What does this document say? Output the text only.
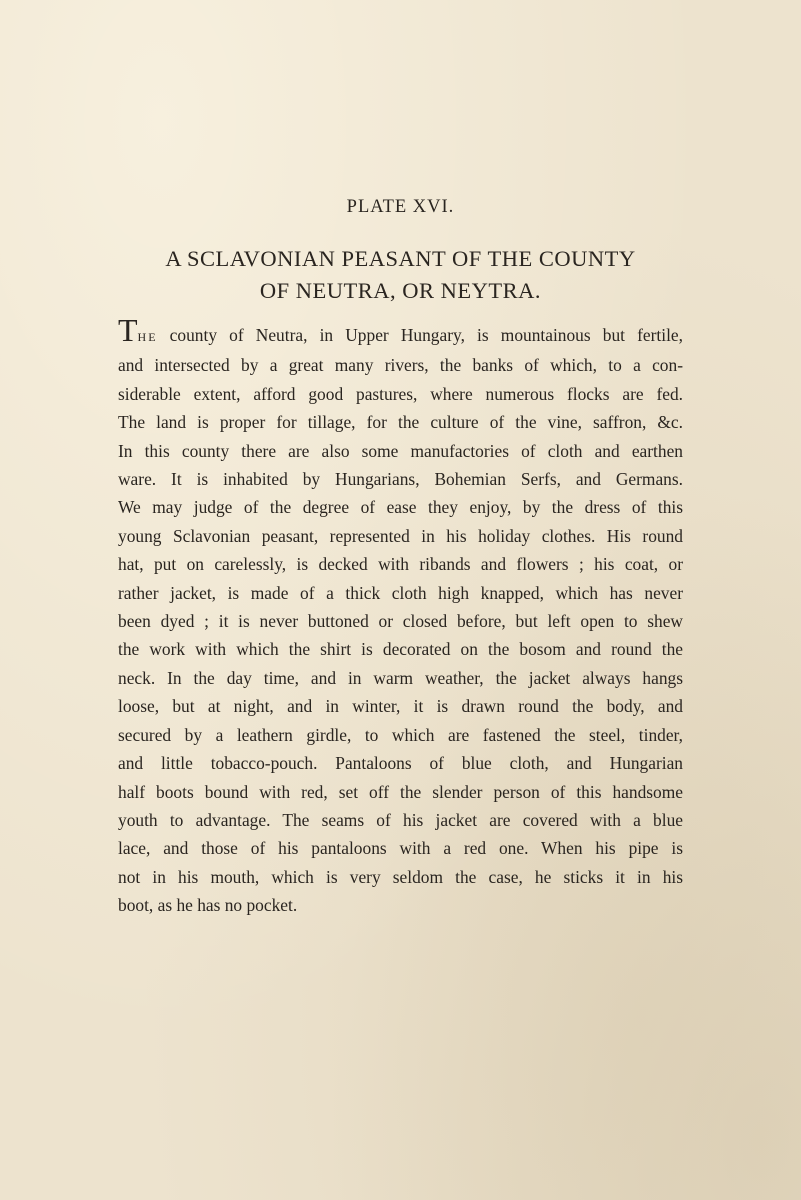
PLATE XVI.
A SCLAVONIAN PEASANT OF THE COUNTY
OF NEUTRA, OR NEYTRA.

THE county of Neutra, in Upper Hungary, is mountainous but fertile,
and intersected by a great many rivers, the banks of which, to a con-
siderable extent, afford good pastures, where numerous flocks are fed.
The land is proper for tillage, for the culture of the vine, saffron, &c.
In this county there are also some manufactories of cloth and earthen
ware. It is inhabited by Hungarians, Bohemian Serfs, and Germans.
We may judge of the degree of ease they enjoy, by the dress of this
young Sclavonian peasant, represented in his holiday clothes. His round
hat, put on carelessly, is decked with ribands and flowers ; his coat, or
rather jacket, is made of a thick cloth high knapped, which has never
been dyed ; it is never buttoned or closed before, but left open to shew
the work with which the shirt is decorated on the bosom and round the
neck. In the day time, and in warm weather, the jacket always hangs
loose, but at night, and in winter, it is drawn round the body, and
secured by a leathern girdle, to which are fastened the steel, tinder,
and little tobacco-pouch. Pantaloons of blue cloth, and Hungarian
half boots bound with red, set off the slender person of this handsome
youth to advantage. The seams of his jacket are covered with a blue
lace, and those of his pantaloons with a red one. When his pipe is
not in his mouth, which is very seldom the case, he sticks it in his
boot, as he has no pocket.
